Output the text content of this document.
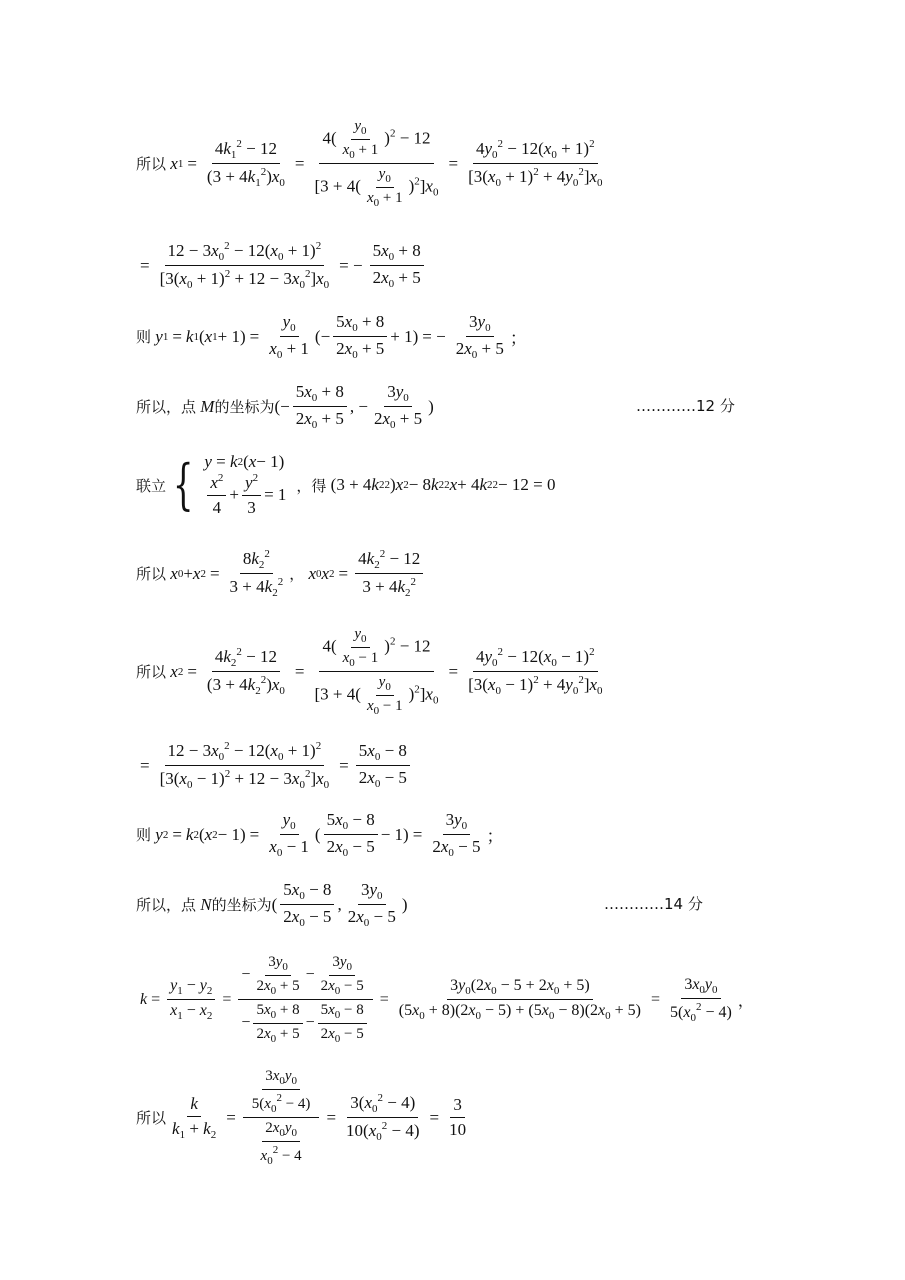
所以 x $1 = \frac{4k_1^2 - 12}{(3 + 4k_1^2)x_0} = \frac{4( \frac{y_0}{x_0 + 1} )^2 - 12}{[3 + 4( \frac{y_0}{x_0 + 1} )^2]x_0} = \frac{4y_0^2 - 12(x_0 + 1)^2}{[3(x_0 + 1)^2 + 4y_0^2]x_0}$
= $\frac{12 - 3x_0^2 - 12(x_0 + 1)^2}{[3(x_0 + 1)^2 + 12 - 3x_0^2]x_0}$ = − $\frac{5x_0 + 8}{2x_0 + 5}$
则 y 1 = k 1 ( x $1 + 1) = \frac{y_0}{x_0 + 1}$ (− $\frac{5x_0 + 8}{2x_0 + 5} + 1$) = − $\frac{3y_0}{2x_0 + 5}$ ；
所以，点
M 的坐标为 (− $\frac{5x_0 + 8}{2x_0 + 5}$ , − $\frac{3y_0}{2x_0 + 5}$ )	…………12 分
联立 { y = k 2 ( x − 1)
$\frac{x^2}{4} + \frac{y^2}{3} = 1$ ，得 (3 + 4 k 2 2 ) x 2 − 8 k 2 2 x + 4 k 2 2 − 12 = 0
所以 x 0 + x $2 = \frac{8k_2^2}{3 + 4k_2^2}$ ，
x 0 x $2 = \frac{4k_2^2 - 12}{3 + 4k_2^2}$
所以 x $2 = \frac{4k_2^2 - 12}{(3 + 4k_2^2)x_0} = \frac{4( \frac{y_0}{x_0 - 1} )^2 - 12}{[3 + 4( \frac{y_0}{x_0 - 1} )^2]x_0} = \frac{4y_0^2 - 12(x_0 - 1)^2}{[3(x_0 - 1)^2 + 4y_0^2]x_0}$
= $\frac{12 - 3x_0^2 - 12(x_0 + 1)^2}{[3(x_0 - 1)^2 + 12 - 3x_0^2]x_0} = \frac{5x_0 - 8}{2x_0 - 5}$
则 y 2 = k 2 ( x $2 - 1) = \frac{y_0}{x_0 - 1}$ ( $\frac{5x_0 - 8}{2x_0 - 5} - 1) = \frac{3y_0}{2x_0 - 5}$ ；
所以，点
N 的坐标为 ( $\frac{5x_0 - 8}{2x_0 - 5}$ , $\frac{3y_0}{2x_0 - 5}$ )	…………14 分
$k = \frac{y_1 - y_2}{x_1 - x_2} = \frac{- \frac{3y_0}{2x_0 + 5} - \frac{3y_0}{2x_0 - 5}}{- \frac{5x_0 + 8}{2x_0 + 5} - \frac{5x_0 - 8}{2x_0 - 5}} = \frac{3y_0(2x_0 - 5 + 2x_0 + 5)}{(5x_0 + 8)(2x_0 - 5) + (5x_0 - 8)(2x_0 + 5)} = \frac{3x_0y_0}{5(x_0^2 - 4)}$ ，
所以 $\frac{k}{k_1 + k_2} = \frac{\frac{3x_0y_0}{5(x_0^2 - 4)}}{\frac{2x_0y_0}{x_0^2 - 4}} = \frac{3(x_0^2 - 4)}{10(x_0^2 - 4)} = \frac{3}{10}$
